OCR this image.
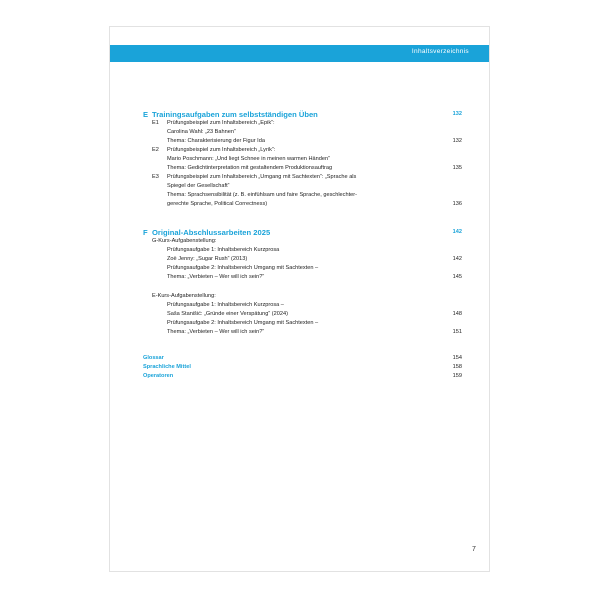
Inhaltsverzeichnis
E Trainingsaufgaben zum selbstständigen Üben	132
E1 Prüfungsbeispiel zum Inhaltsbereich „Epik“:
Carolina Wahl: „23 Bahnen“
Thema: Charakterisierung der Figur Ida	132
E2 Prüfungsbeispiel zum Inhaltsbereich „Lyrik“:
Mario Poschmann: „Und liegt Schnee in meinen warmen Händen“
Thema: Gedichtinterpretation mit gestaltendem Produktionsauftrag	135
E3 Prüfungsbeispiel zum Inhaltsbereich „Umgang mit Sachtexten“: „Sprache als
Spiegel der Gesellschaft“
Thema: Sprachsensibilität (z. B. einfühlsam und faire Sprache, geschlechter-
gerechte Sprache, Political Correctness)	136
F Original-Abschlussarbeiten 2025	142
G-Kurs-Aufgabenstellung:
Prüfungsaufgabe 1: Inhaltsbereich Kurzprosa
Zoë Jenny: „Sugar Rush“ (2013)	142
Prüfungsaufgabe 2: Inhaltsbereich Umgang mit Sachtexten –
Thema: „Verbieten – Wer will ich sein?“	145
E-Kurs-Aufgabenstellung:
Prüfungsaufgabe 1: Inhaltsbereich Kurzprosa –
Saša Stanišić: „Gründe einer Verspätung“ (2024)	148
Prüfungsaufgabe 2: Inhaltsbereich Umgang mit Sachtexten –
Thema: „Verbieten – Wer will ich sein?“	151
Glossar	154
Sprachliche Mittel	158
Operatoren	159
7
